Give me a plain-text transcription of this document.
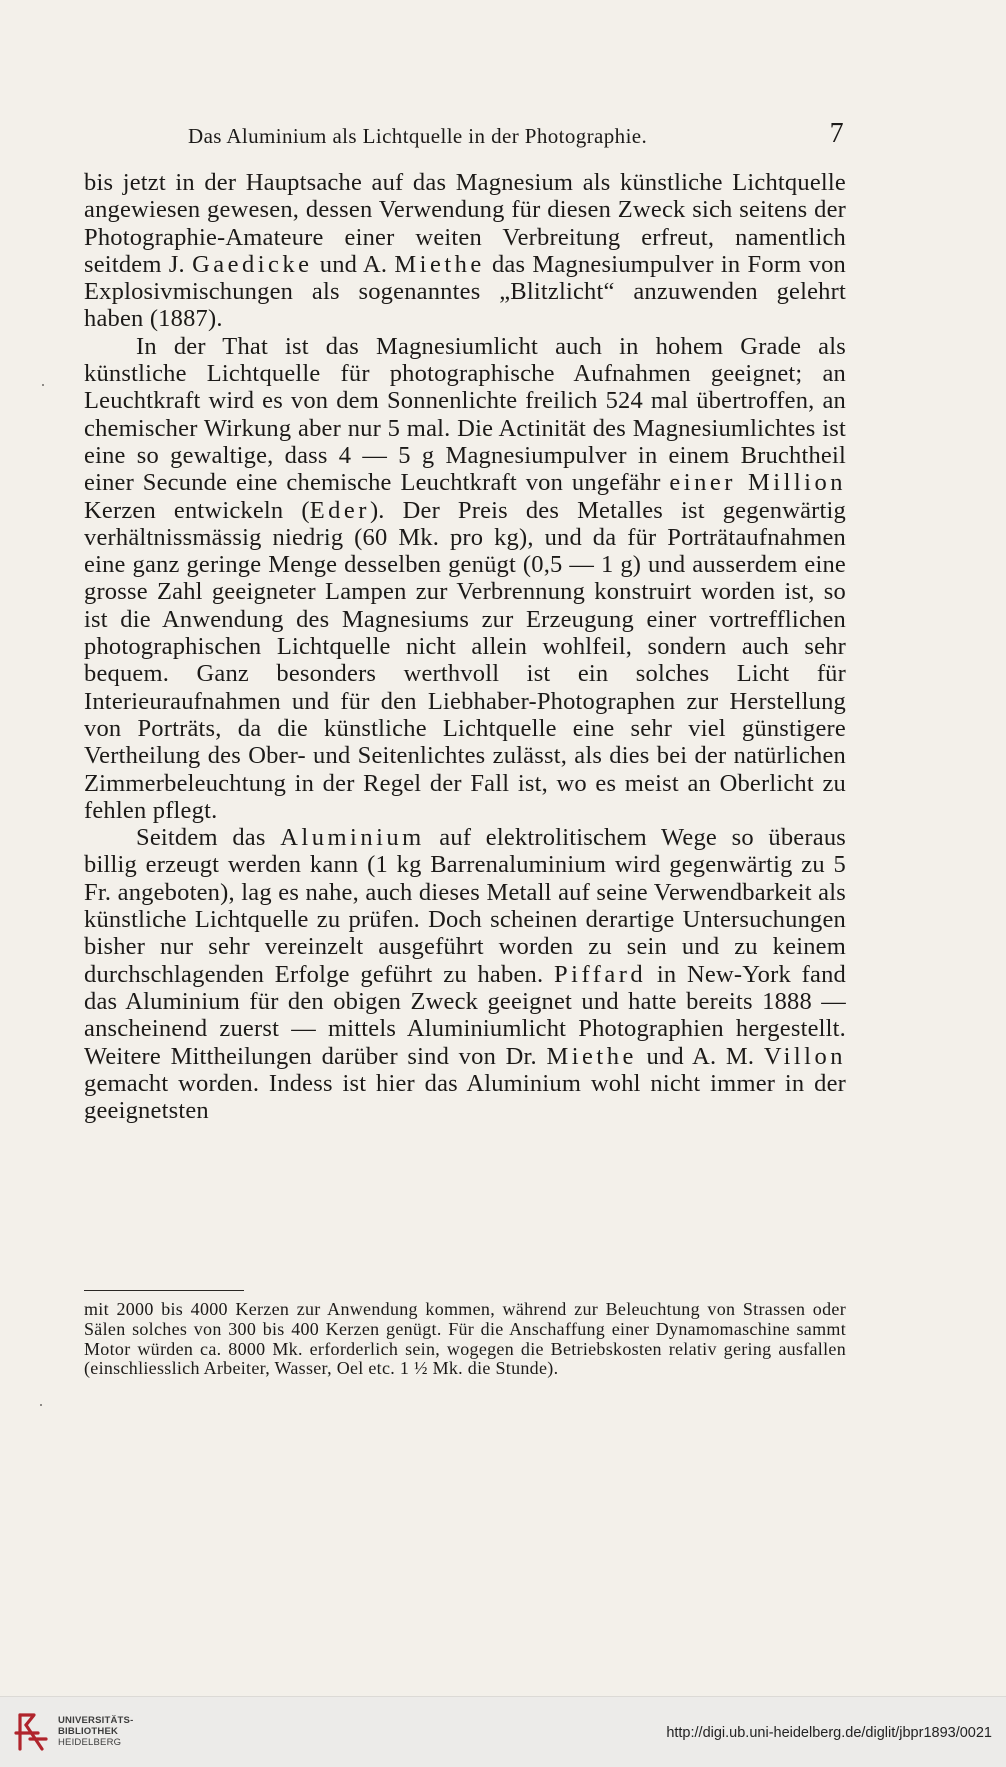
Das Aluminium als Lichtquelle in der Photographie.	7

bis jetzt in der Hauptsache auf das Magnesium als künstliche Lichtquelle angewiesen gewesen, dessen Verwendung für diesen Zweck sich seitens der Photographie-Amateure einer weiten Verbreitung erfreut, namentlich seitdem J. Gaedicke und A. Miethe das Magnesiumpulver in Form von Explosivmischungen als sogenanntes „Blitzlicht“ anzuwenden gelehrt haben (1887).

In der That ist das Magnesiumlicht auch in hohem Grade als künstliche Lichtquelle für photographische Aufnahmen geeignet; an Leuchtkraft wird es von dem Sonnenlichte freilich 524 mal übertroffen, an chemischer Wirkung aber nur 5 mal. Die Actinität des Magnesiumlichtes ist eine so gewaltige, dass 4 — 5 g Magnesiumpulver in einem Bruchtheil einer Secunde eine chemische Leuchtkraft von ungefähr einer Million Kerzen entwickeln (Eder). Der Preis des Metalles ist gegenwärtig verhältnissmässig niedrig (60 Mk. pro kg), und da für Porträtaufnahmen eine ganz geringe Menge desselben genügt (0,5 — 1 g) und ausserdem eine grosse Zahl geeigneter Lampen zur Verbrennung konstruirt worden ist, so ist die Anwendung des Magnesiums zur Erzeugung einer vortrefflichen photographischen Lichtquelle nicht allein wohlfeil, sondern auch sehr bequem. Ganz besonders werthvoll ist ein solches Licht für Interieuraufnahmen und für den Liebhaber-Photographen zur Herstellung von Porträts, da die künstliche Lichtquelle eine sehr viel günstigere Vertheilung des Ober- und Seitenlichtes zulässt, als dies bei der natürlichen Zimmerbeleuchtung in der Regel der Fall ist, wo es meist an Oberlicht zu fehlen pflegt.

Seitdem das Aluminium auf elektrolitischem Wege so überaus billig erzeugt werden kann (1 kg Barrenaluminium wird gegenwärtig zu 5 Fr. angeboten), lag es nahe, auch dieses Metall auf seine Verwendbarkeit als künstliche Lichtquelle zu prüfen. Doch scheinen derartige Untersuchungen bisher nur sehr vereinzelt ausgeführt worden zu sein und zu keinem durchschlagenden Erfolge geführt zu haben. Piffard in New-York fand das Aluminium für den obigen Zweck geeignet und hatte bereits 1888 — anscheinend zuerst — mittels Aluminiumlicht Photographien hergestellt. Weitere Mittheilungen darüber sind von Dr. Miethe und A. M. Villon gemacht worden. Indess ist hier das Aluminium wohl nicht immer in der geeignetsten

mit 2000 bis 4000 Kerzen zur Anwendung kommen, während zur Beleuchtung von Strassen oder Sälen solches von 300 bis 400 Kerzen genügt. Für die Anschaffung einer Dynamomaschine sammt Motor würden ca. 8000 Mk. erforderlich sein, wogegen die Betriebskosten relativ gering ausfallen (einschliesslich Arbeiter, Wasser, Oel etc. 1 ½ Mk. die Stunde).
UNIVERSITÄTS-
BIBLIOTHEK
HEIDELBERG
http://digi.ub.uni-heidelberg.de/diglit/jbpr1893/0021
